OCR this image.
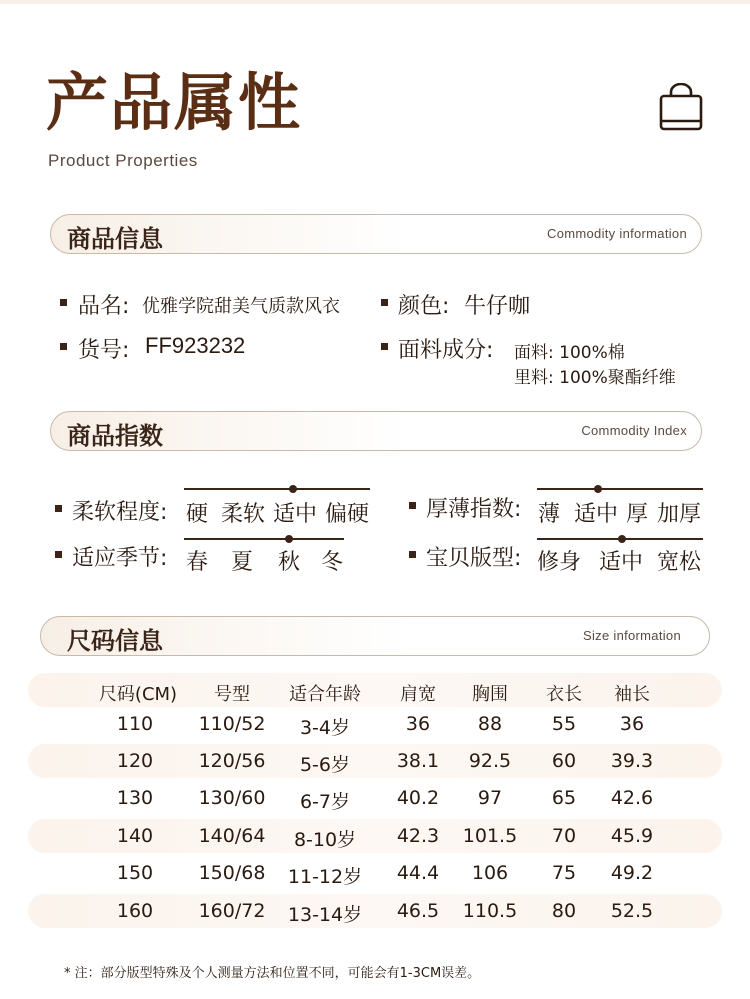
产品属性
Product Properties
商品信息	Commodity information
品名: 优雅学院甜美气质款风衣	颜色: 牛仔咖
货号: FF923232	面料成分: 面料: 100%棉
里料: 100%聚酯纤维
商品指数	Commodity Index
柔软程度: 硬 柔软 适中 偏硬	厚薄指数: 薄 适中 厚 加厚
适应季节: 春 夏 秋 冬	宝贝版型: 修身 适中 宽松
尺码信息	Size information
尺码(CM)	号型	适合年龄	肩宽	胸围	衣长	袖长
110	110/52	3-4岁	36	88	55	36
120	120/56	5-6岁	38.1	92.5	60	39.3
130	130/60	6-7岁	40.2	97	65	42.6
140	140/64	8-10岁	42.3	101.5	70	45.9
150	150/68	11-12岁	44.4	106	75	49.2
160	160/72	13-14岁	46.5	110.5	80	52.5
* 注：部分版型特殊及个人测量方法和位置不同，可能会有1-3CM误差。
